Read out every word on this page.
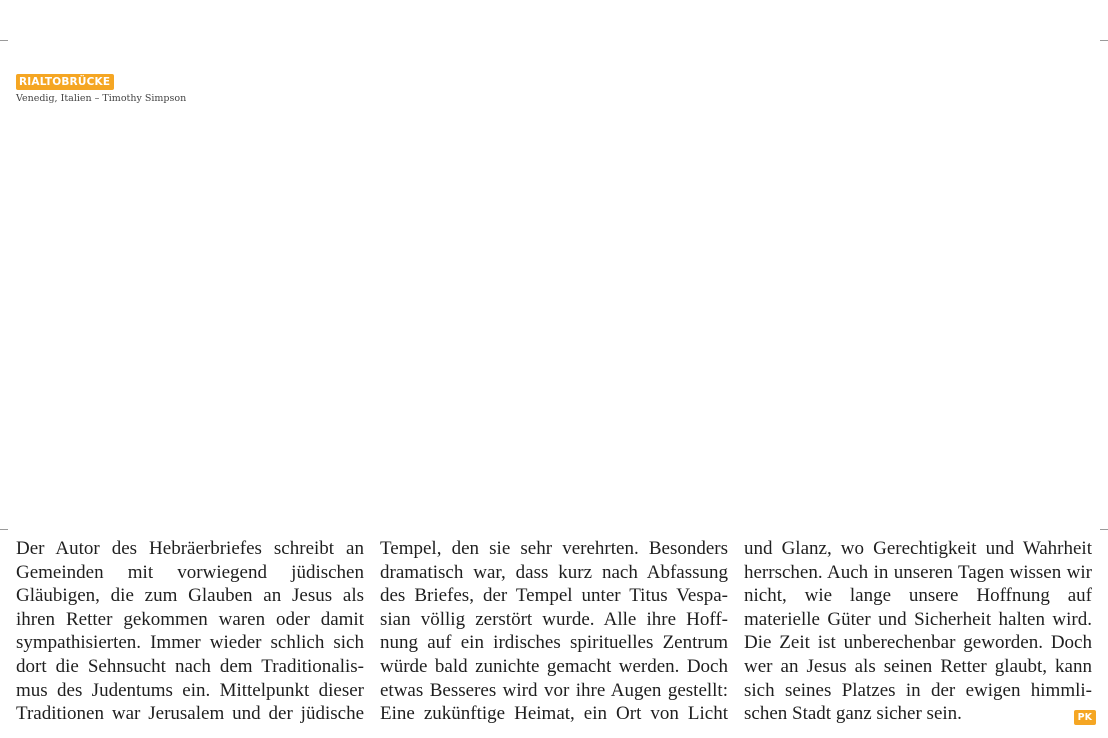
RIALTOBRÜCKE
Venedig, Italien – Timothy Simpson
Der Autor des Hebräerbriefes schreibt an Gemeinden mit vorwiegend jüdischen Gläubigen, die zum Glauben an Jesus als ihren Retter gekommen waren oder damit sympathisierten. Immer wieder schlich sich dort die Sehnsucht nach dem Traditionalis-mus des Judentums ein. Mittelpunkt dieser Traditionen war Jerusalem und der jüdische
Tempel, den sie sehr verehrten. Besonders dramatisch war, dass kurz nach Abfassung des Briefes, der Tempel unter Titus Vespa-sian völlig zerstört wurde. Alle ihre Hoff-nung auf ein irdisches spirituelles Zentrum würde bald zunichte gemacht werden. Doch etwas Besseres wird vor ihre Augen gestellt: Eine zukünftige Heimat, ein Ort von Licht
und Glanz, wo Gerechtigkeit und Wahrheit herrschen. Auch in unseren Tagen wissen wir nicht, wie lange unsere Hoffnung auf materielle Güter und Sicherheit halten wird. Die Zeit ist unberechenbar geworden. Doch wer an Jesus als seinen Retter glaubt, kann sich seines Platzes in der ewigen himmli-schen Stadt ganz sicher sein.	PK
